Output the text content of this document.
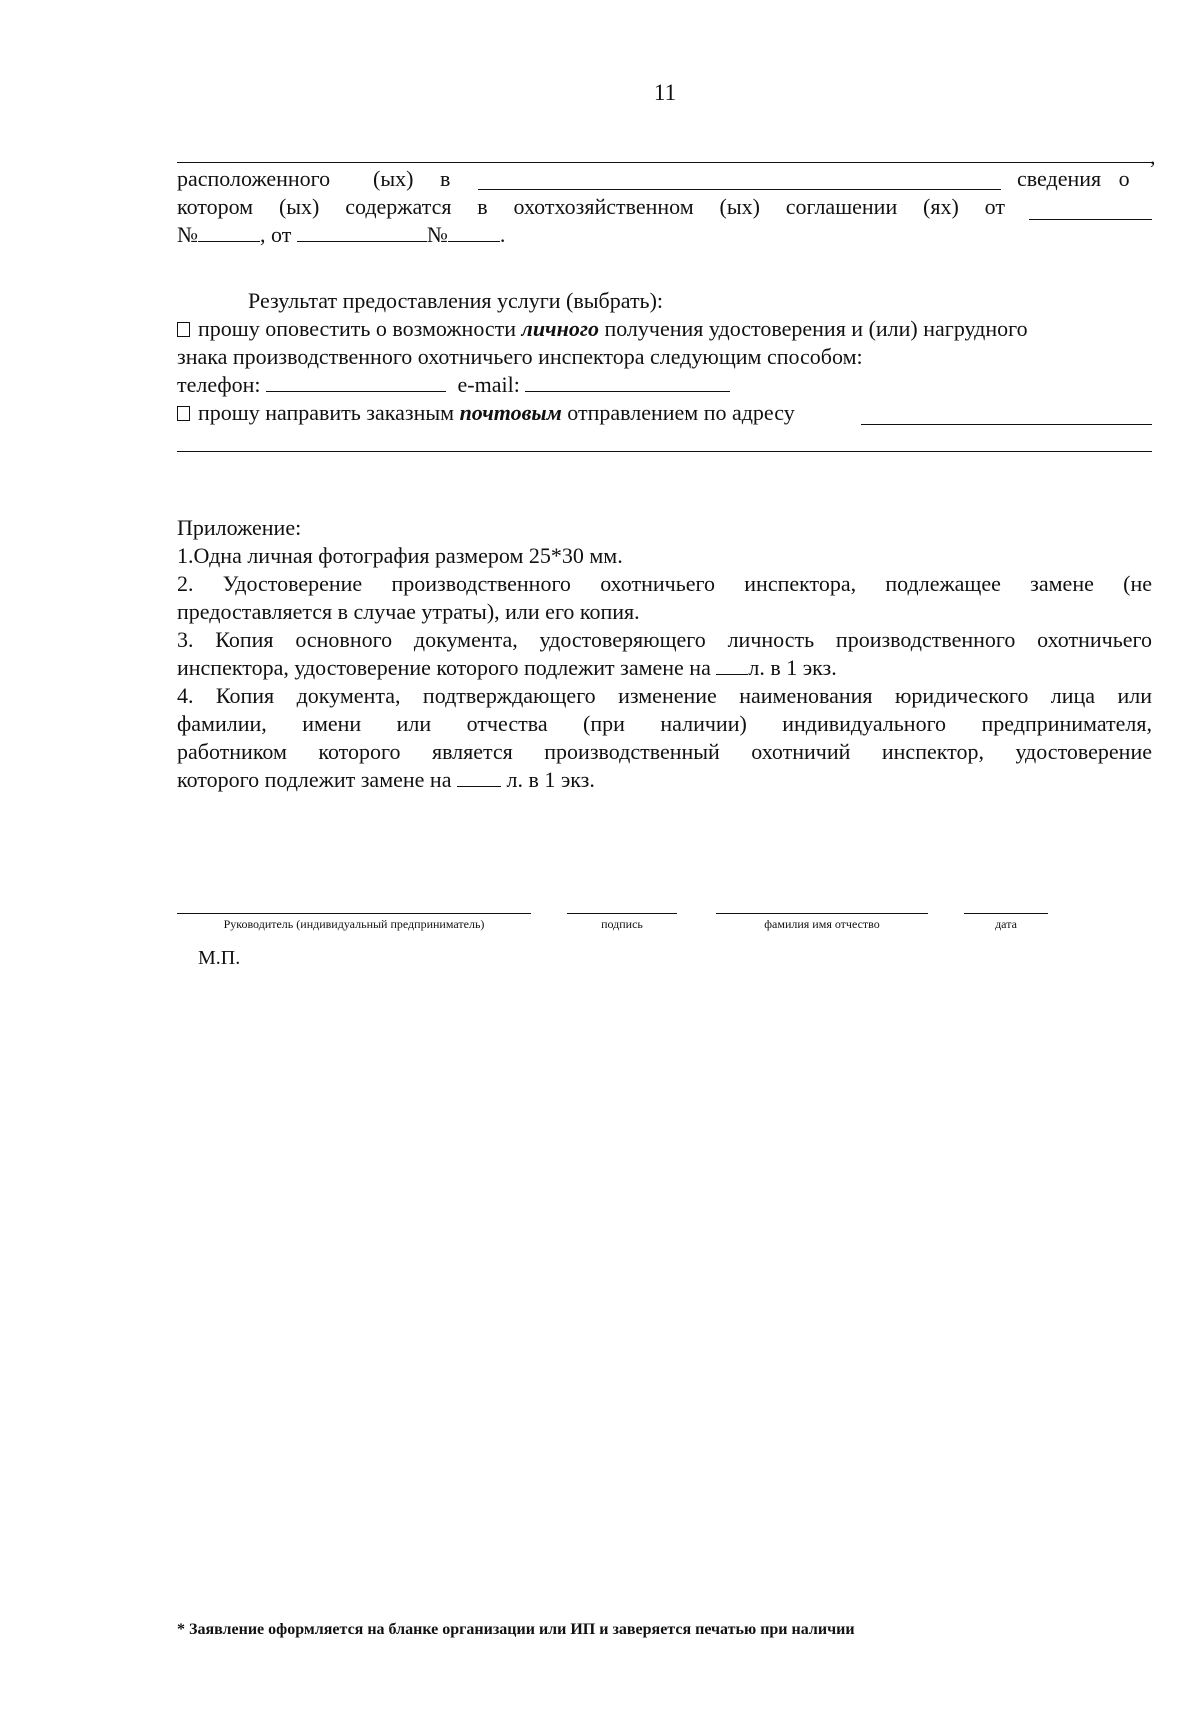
11
,
расположенного (ых) в	сведения о
котором (ых) содержатся в охотхозяйственном (ых) соглашении (ях) от
№	, от	№ .
Результат предоставления услуги (выбрать):
прошу оповестить о возможности личного получения удостоверения и (или) нагрудного
знака производственного охотничьего инспектора следующим способом:
телефон:	e-mail:
прошу направить заказным почтовым отправлением по адресу
Приложение:
1.Одна личная фотография размером 25*30 мм.
2. Удостоверение производственного охотничьего инспектора, подлежащее замене (не
предоставляется в случае утраты), или его копия.
3. Копия основного документа, удостоверяющего личность производственного охотничьего
инспектора, удостоверение которого подлежит замене на л. в 1 экз.
4. Копия документа, подтверждающего изменение наименования юридического лица или
фамилии, имени или отчества (при наличии) индивидуального предпринимателя,
работником которого является производственный охотничий инспектор, удостоверение
которого подлежит замене на	л. в 1 экз.
Руководитель (индивидуальный предприниматель)	подпись	фамилия имя отчество	дата
М.П.
* Заявление оформляется на бланке организации или ИП и заверяется печатью при наличии
